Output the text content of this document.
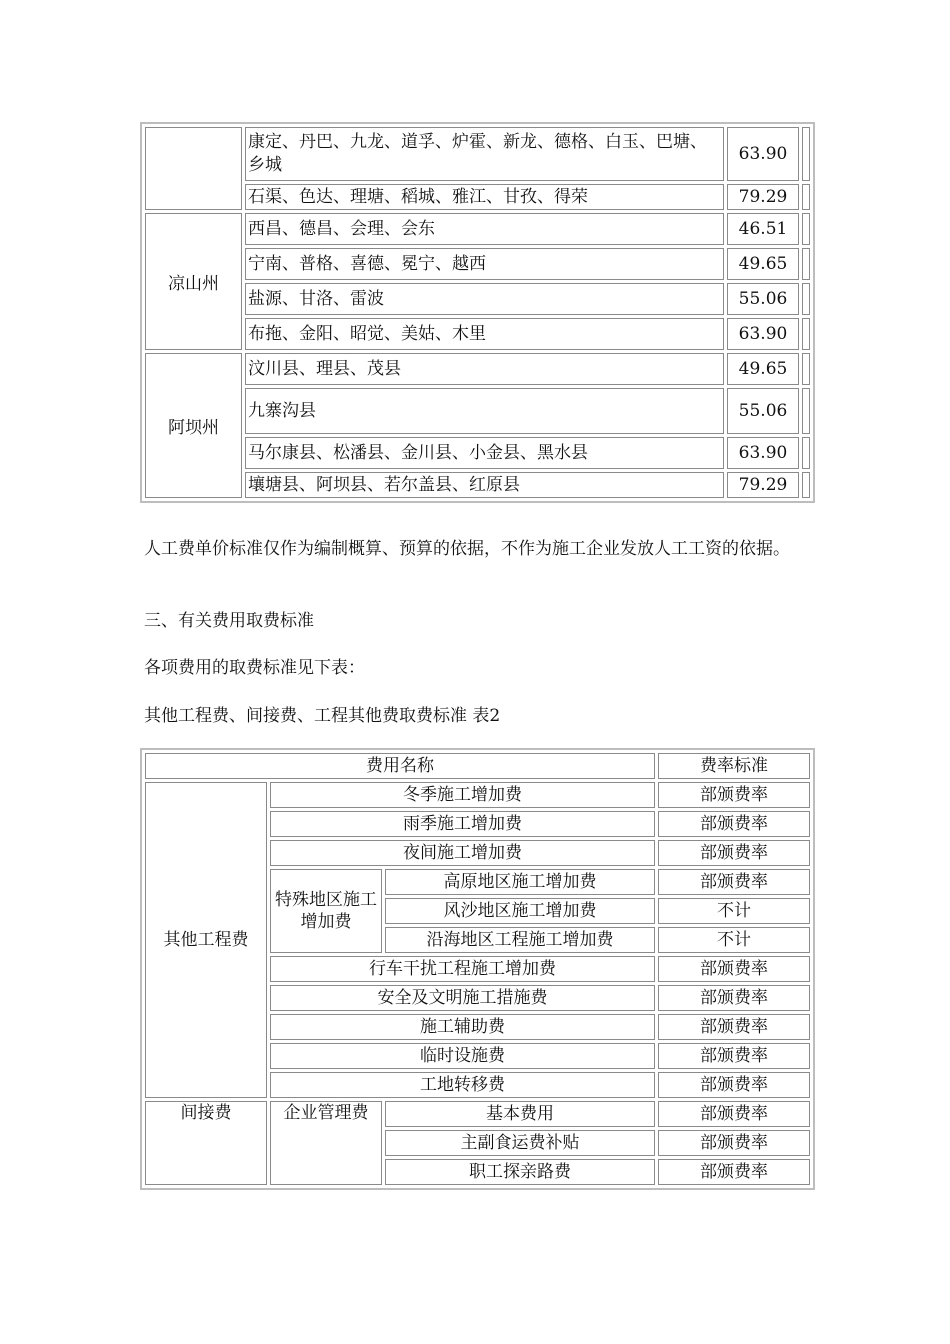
	康定、丹巴、九龙、道孚、炉霍、新龙、德格、白玉、巴塘、乡城	63.90	
	石渠、色达、理塘、稻城、雅江、甘孜、得荣	79.29	
凉山州	西昌、德昌、会理、会东	46.51	
	宁南、普格、喜德、冕宁、越西	49.65	
	盐源、甘洛、雷波	55.06	
	布拖、金阳、昭觉、美姑、木里	63.90	
阿坝州	汶川县、理县、茂县	49.65	
	九寨沟县	55.06	
	马尔康县、松潘县、金川县、小金县、黑水县	63.90	
	壤塘县、阿坝县、若尔盖县、红原县	79.29	

人工费单价标准仅作为编制概算、预算的依据，不作为施工企业发放人工工资的依据。

三、有关费用取费标准

各项费用的取费标准见下表：

其他工程费、间接费、工程其他费取费标准 表2

费用名称			费率标准
其他工程费	冬季施工增加费		部颁费率
	雨季施工增加费		部颁费率
	夜间施工增加费		部颁费率
	特殊地区施工增加费	高原地区施工增加费	部颁费率
		风沙地区施工增加费	不计
		沿海地区工程施工增加费	不计
	行车干扰工程施工增加费		部颁费率
	安全及文明施工措施费		部颁费率
	施工辅助费		部颁费率
	临时设施费		部颁费率
	工地转移费		部颁费率
间接费	企业管理费	基本费用	部颁费率
		主副食运费补贴	部颁费率
		职工探亲路费	部颁费率
